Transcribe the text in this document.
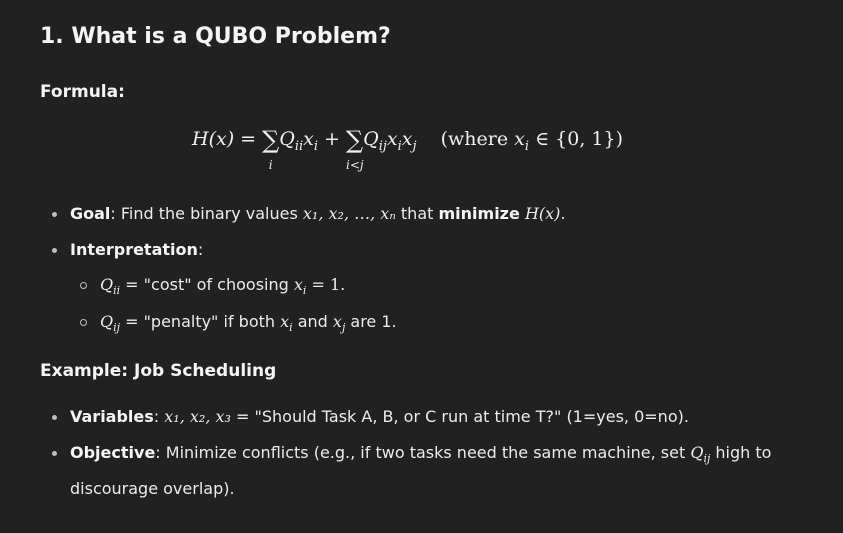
1. What is a QUBO Problem?
Formula:
H(x) = ∑
i
$Q_{ii}x_i$ + ∑
i<j
$Q_{ij}x_ix_j$ (where $x_i$ ∈ {0, 1})
Goal: Find the binary values x₁, x₂, …, xₙ that minimize H(x).
Interpretation:
$Q_{ii}$ = "cost" of choosing $x_i = 1$.
$Q_{ij}$ = "penalty" if both $x_i$ and $x_j$ are 1.
Example: Job Scheduling
Variables: x₁, x₂, x₃ = "Should Task A, B, or C run at time T?" (1=yes, 0=no).
Objective: Minimize conflicts (e.g., if two tasks need the same machine, set $Q_{ij}$ high to discourage overlap).
